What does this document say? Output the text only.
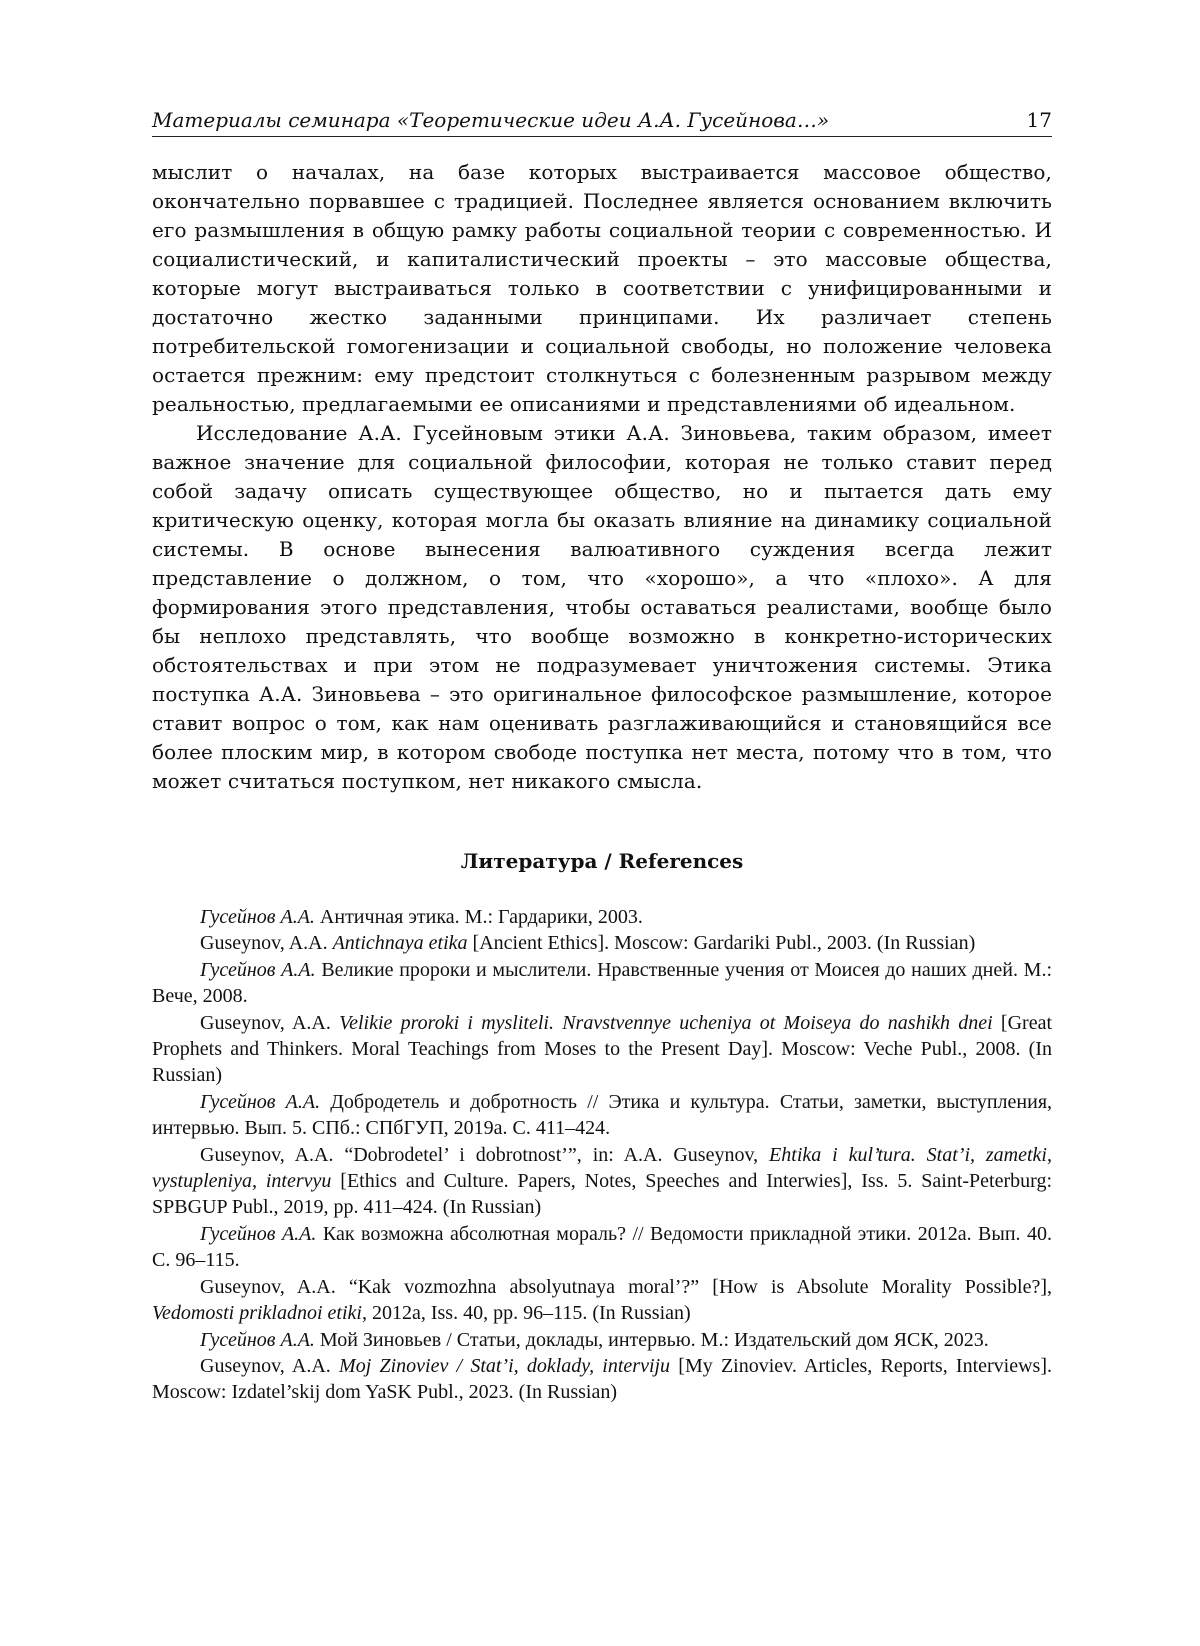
Материалы семинара «Теоретические идеи А.А. Гусейнова…»	17

мыслит о началах, на базе которых выстраивается массовое общество, окончательно порвавшее с традицией. Последнее является основанием включить его размышления в общую рамку работы социальной теории с современностью. И социалистический, и капиталистический проекты – это массовые общества, которые могут выстраиваться только в соответствии с унифицированными и достаточно жестко заданными принципами. Их различает степень потребительской гомогенизации и социальной свободы, но положение человека остается прежним: ему предстоит столкнуться с болезненным разрывом между реальностью, предлагаемыми ее описаниями и представлениями об идеальном.

Исследование А.А. Гусейновым этики А.А. Зиновьева, таким образом, имеет важное значение для социальной философии, которая не только ставит перед собой задачу описать существующее общество, но и пытается дать ему критическую оценку, которая могла бы оказать влияние на динамику социальной системы. В основе вынесения валюативного суждения всегда лежит представление о должном, о том, что «хорошо», а что «плохо». А для формирования этого представления, чтобы оставаться реалистами, вообще было бы неплохо представлять, что вообще возможно в конкретно-исторических обстоятельствах и при этом не подразумевает уничтожения системы. Этика поступка А.А. Зиновьева – это оригинальное философское размышление, которое ставит вопрос о том, как нам оценивать разглаживающийся и становящийся все более плоским мир, в котором свободе поступка нет места, потому что в том, что может считаться поступком, нет никакого смысла.

Литература / References

Гусейнов А.А. Античная этика. М.: Гардарики, 2003.

Guseynov, A.A. Antichnaya etika [Ancient Ethics]. Moscow: Gardariki Publ., 2003. (In Russian)

Гусейнов А.А. Великие пророки и мыслители. Нравственные учения от Моисея до наших дней. М.: Вече, 2008.

Guseynov, A.A. Velikie proroki i mysliteli. Nravstvennye ucheniya ot Moiseya do nashikh dnei [Great Prophets and Thinkers. Moral Teachings from Moses to the Present Day]. Moscow: Veche Publ., 2008. (In Russian)

Гусейнов А.А. Добродетель и добротность // Этика и культура. Статьи, заметки, выступления, интервью. Вып. 5. СПб.: СПбГУП, 2019а. С. 411–424.

Guseynov, A.A. “Dobrodetel’ i dobrotnost’”, in: A.A. Guseynov, Ehtika i kul’tura. Stat’i, zametki, vystupleniya, intervyu [Ethics and Culture. Papers, Notes, Speeches and Interwies], Iss. 5. Saint-Peterburg: SPBGUP Publ., 2019, pp. 411–424. (In Russian)

Гусейнов А.А. Как возможна абсолютная мораль? // Ведомости прикладной этики. 2012а. Вып. 40. С. 96–115.

Guseynov, A.A. “Kak vozmozhna absolyutnaya moral’?” [How is Absolute Morality Possible?], Vedomosti prikladnoi etiki, 2012a, Iss. 40, pp. 96–115. (In Russian)

Гусейнов А.А. Мой Зиновьев / Статьи, доклады, интервью. М.: Издательский дом ЯСК, 2023.

Guseynov, A.A. Moj Zinoviev / Stat’i, doklady, interviju [My Zinoviev. Articles, Reports, Interviews]. Moscow: Izdatel’skij dom YaSK Publ., 2023. (In Russian)
